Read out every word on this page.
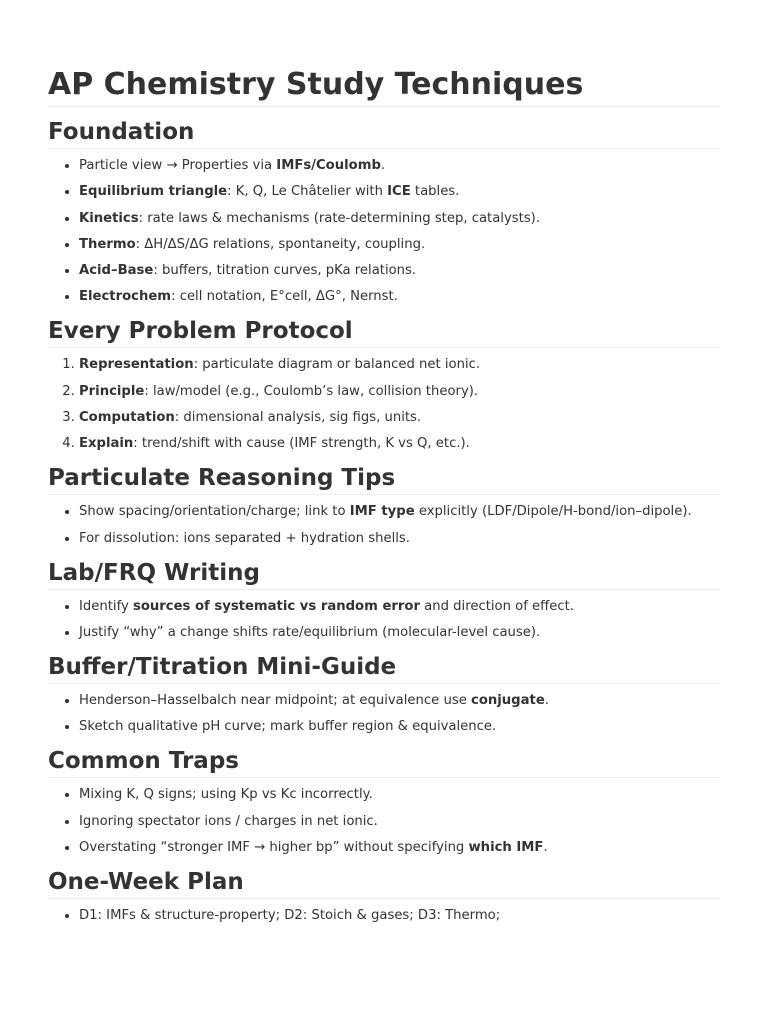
AP Chemistry Study Techniques
Foundation
• Particle view → Properties via IMFs/Coulomb.
• Equilibrium triangle: K, Q, Le Châtelier with ICE tables.
• Kinetics: rate laws & mechanisms (rate-determining step, catalysts).
• Thermo: ΔH/ΔS/ΔG relations, spontaneity, coupling.
• Acid–Base: buffers, titration curves, pKa relations.
• Electrochem: cell notation, E°cell, ΔG°, Nernst.
Every Problem Protocol
1. Representation: particulate diagram or balanced net ionic.
2. Principle: law/model (e.g., Coulomb’s law, collision theory).
3. Computation: dimensional analysis, sig figs, units.
4. Explain: trend/shift with cause (IMF strength, K vs Q, etc.).
Particulate Reasoning Tips
• Show spacing/orientation/charge; link to IMF type explicitly (LDF/Dipole/H-bond/ion–dipole).
• For dissolution: ions separated + hydration shells.
Lab/FRQ Writing
• Identify sources of systematic vs random error and direction of effect.
• Justify “why” a change shifts rate/equilibrium (molecular-level cause).
Buffer/Titration Mini-Guide
• Henderson–Hasselbalch near midpoint; at equivalence use conjugate.
• Sketch qualitative pH curve; mark buffer region & equivalence.
Common Traps
• Mixing K, Q signs; using Kp vs Kc incorrectly.
• Ignoring spectator ions / charges in net ionic.
• Overstating “stronger IMF → higher bp” without specifying which IMF.
One-Week Plan
• D1: IMFs & structure-property; D2: Stoich & gases; D3: Thermo;
